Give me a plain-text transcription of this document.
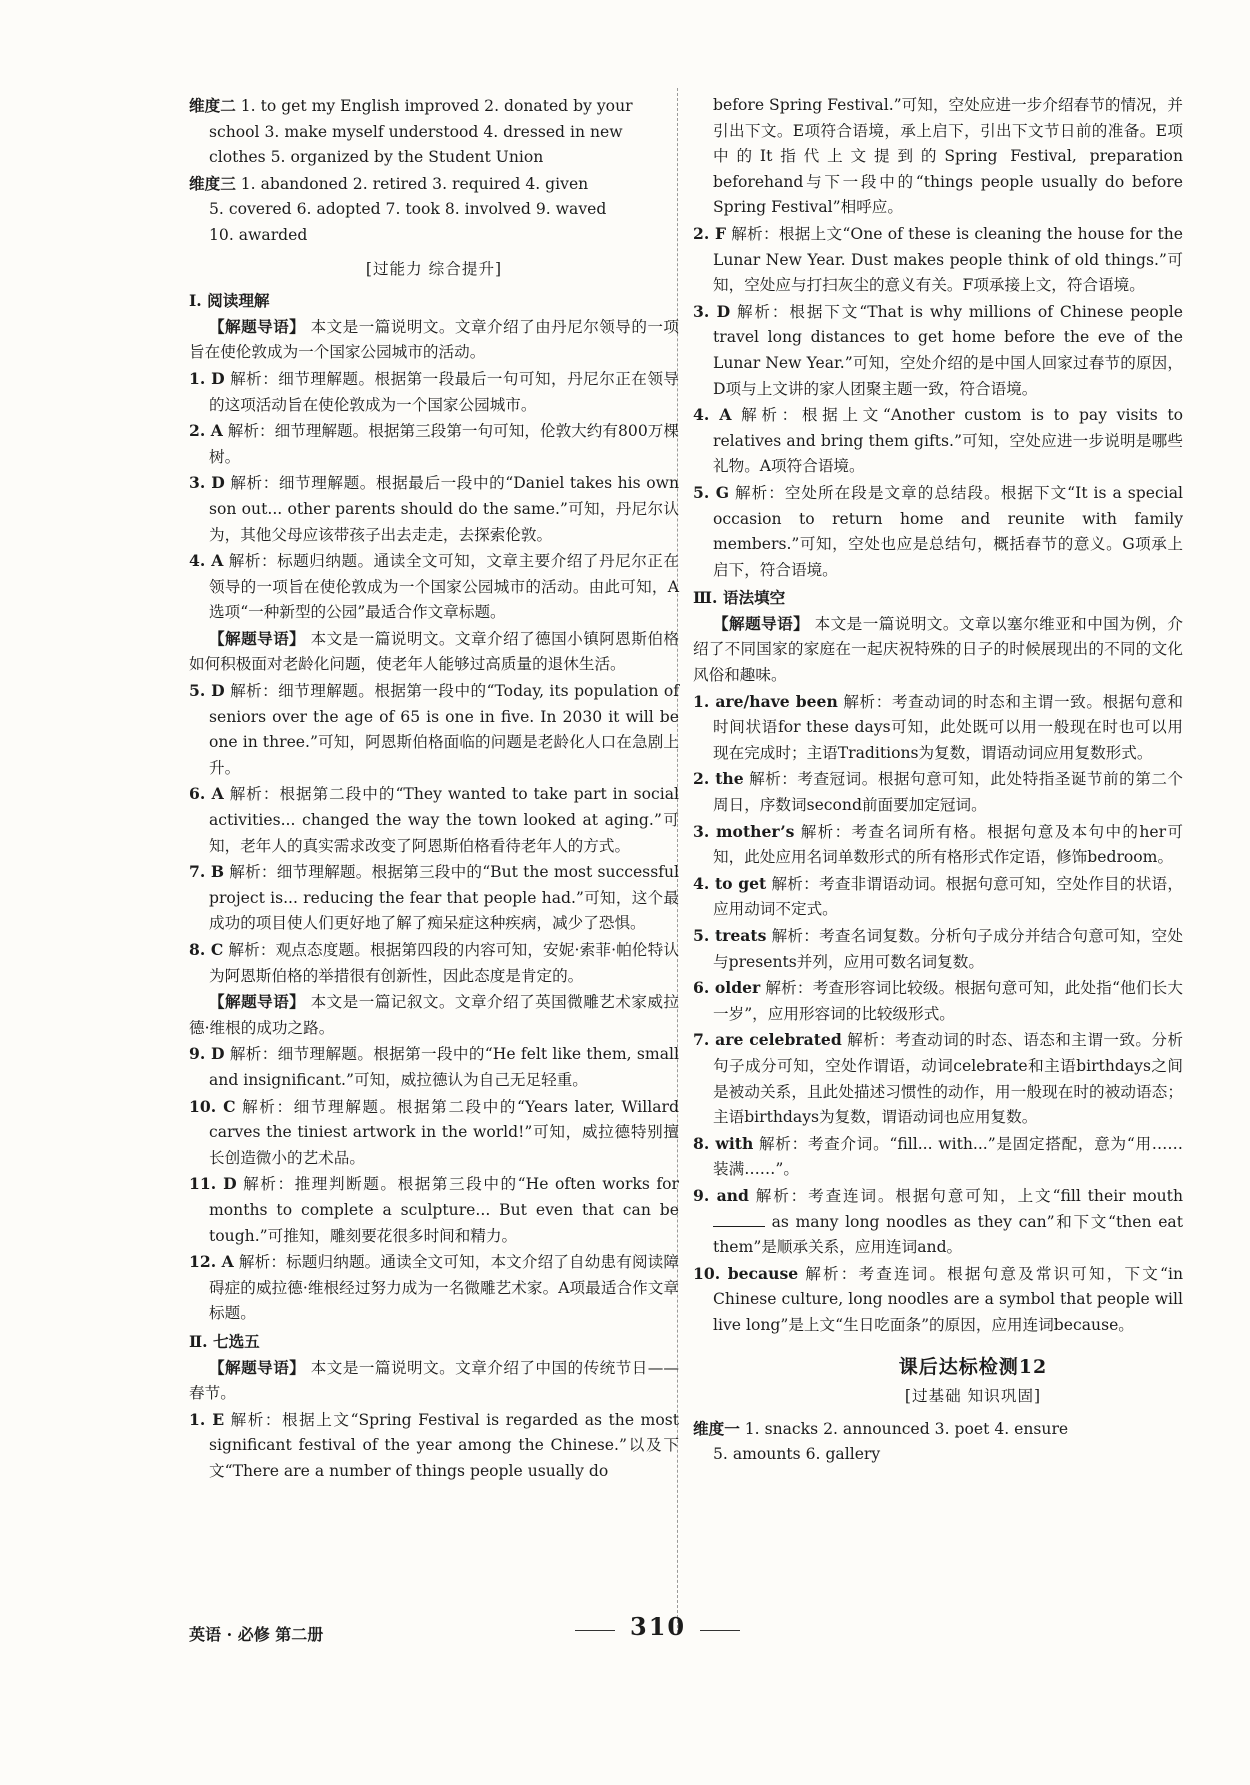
维度二 1. to get my English improved 2. donated by your
school 3. make myself understood 4. dressed in new
clothes 5. organized by the Student Union

维度三 1. abandoned 2. retired 3. required 4. given
5. covered 6. adopted 7. took 8. involved 9. waved
10. awarded

[过能力 综合提升]

Ⅰ. 阅读理解

【解题导语】 本文是一篇说明文。文章介绍了由丹尼尔领导的一项旨在使伦敦成为一个国家公园城市的活动。

1. D 解析：细节理解题。根据第一段最后一句可知，丹尼尔正在领导的这项活动旨在使伦敦成为一个国家公园城市。

2. A 解析：细节理解题。根据第三段第一句可知，伦敦大约有800万棵树。

3. D 解析：细节理解题。根据最后一段中的“Daniel takes his own son out... other parents should do the same.”可知，丹尼尔认为，其他父母应该带孩子出去走走，去探索伦敦。

4. A 解析：标题归纳题。通读全文可知，文章主要介绍了丹尼尔正在领导的一项旨在使伦敦成为一个国家公园城市的活动。由此可知，A选项“一种新型的公园”最适合作文章标题。

【解题导语】 本文是一篇说明文。文章介绍了德国小镇阿恩斯伯格如何积极面对老龄化问题，使老年人能够过高质量的退休生活。

5. D 解析：细节理解题。根据第一段中的“Today, its population of seniors over the age of 65 is one in five. In 2030 it will be one in three.”可知，阿恩斯伯格面临的问题是老龄化人口在急剧上升。

6. A 解析：根据第二段中的“They wanted to take part in social activities... changed the way the town looked at aging.”可知，老年人的真实需求改变了阿恩斯伯格看待老年人的方式。

7. B 解析：细节理解题。根据第三段中的“But the most successful project is... reducing the fear that people had.”可知，这个最成功的项目使人们更好地了解了痴呆症这种疾病，减少了恐惧。

8. C 解析：观点态度题。根据第四段的内容可知，安妮·索菲·帕伦特认为阿恩斯伯格的举措很有创新性，因此态度是肯定的。

【解题导语】 本文是一篇记叙文。文章介绍了英国微雕艺术家威拉德·维根的成功之路。

9. D 解析：细节理解题。根据第一段中的“He felt like them, small and insignificant.”可知，威拉德认为自己无足轻重。

10. C 解析：细节理解题。根据第二段中的“Years later, Willard carves the tiniest artwork in the world!”可知，威拉德特别擅长创造微小的艺术品。

11. D 解析：推理判断题。根据第三段中的“He often works for months to complete a sculpture... But even that can be tough.”可推知，雕刻要花很多时间和精力。

12. A 解析：标题归纳题。通读全文可知，本文介绍了自幼患有阅读障碍症的威拉德·维根经过努力成为一名微雕艺术家。A项最适合作文章标题。

Ⅱ. 七选五

【解题导语】 本文是一篇说明文。文章介绍了中国的传统节日——春节。

1. E 解析：根据上文“Spring Festival is regarded as the most significant festival of the year among the Chinese.”以及下文“There are a number of things people usually do

before Spring Festival.”可知，空处应进一步介绍春节的情况，并引出下文。E项符合语境，承上启下，引出下文节日前的准备。E项中的It指代上文提到的Spring Festival, preparation beforehand与下一段中的“things people usually do before Spring Festival”相呼应。

2. F 解析：根据上文“One of these is cleaning the house for the Lunar New Year. Dust makes people think of old things.”可知，空处应与打扫灰尘的意义有关。F项承接上文，符合语境。

3. D 解析：根据下文“That is why millions of Chinese people travel long distances to get home before the eve of the Lunar New Year.”可知，空处介绍的是中国人回家过春节的原因，D项与上文讲的家人团聚主题一致，符合语境。

4. A 解析：根据上文“Another custom is to pay visits to relatives and bring them gifts.”可知，空处应进一步说明是哪些礼物。A项符合语境。

5. G 解析：空处所在段是文章的总结段。根据下文“It is a special occasion to return home and reunite with family members.”可知，空处也应是总结句，概括春节的意义。G项承上启下，符合语境。

Ⅲ. 语法填空

【解题导语】 本文是一篇说明文。文章以塞尔维亚和中国为例，介绍了不同国家的家庭在一起庆祝特殊的日子的时候展现出的不同的文化风俗和趣味。

1. are/have been 解析：考查动词的时态和主谓一致。根据句意和时间状语for these days可知，此处既可以用一般现在时也可以用现在完成时；主语Traditions为复数，谓语动词应用复数形式。

2. the 解析：考查冠词。根据句意可知，此处特指圣诞节前的第二个周日，序数词second前面要加定冠词。

3. mother’s 解析：考查名词所有格。根据句意及本句中的her可知，此处应用名词单数形式的所有格形式作定语，修饰bedroom。

4. to get 解析：考查非谓语动词。根据句意可知，空处作目的状语，应用动词不定式。

5. treats 解析：考查名词复数。分析句子成分并结合句意可知，空处与presents并列，应用可数名词复数。

6. older 解析：考查形容词比较级。根据句意可知，此处指“他们长大一岁”，应用形容词的比较级形式。

7. are celebrated 解析：考查动词的时态、语态和主谓一致。分析句子成分可知，空处作谓语，动词celebrate和主语birthdays之间是被动关系，且此处描述习惯性的动作，用一般现在时的被动语态；主语birthdays为复数，谓语动词也应用复数。

8. with 解析：考查介词。“fill... with...”是固定搭配，意为“用……装满……”。

9. and 解析：考查连词。根据句意可知，上文“fill their mouth as many long noodles as they can”和下文“then eat them”是顺承关系，应用连词and。

10. because 解析：考查连词。根据句意及常识可知，下文“in Chinese culture, long noodles are a symbol that people will live long”是上文“生日吃面条”的原因，应用连词because。

课后达标检测12

[过基础 知识巩固]

维度一 1. snacks 2. announced 3. poet 4. ensure
5. amounts 6. gallery

英语 · 必修 第二册	310
